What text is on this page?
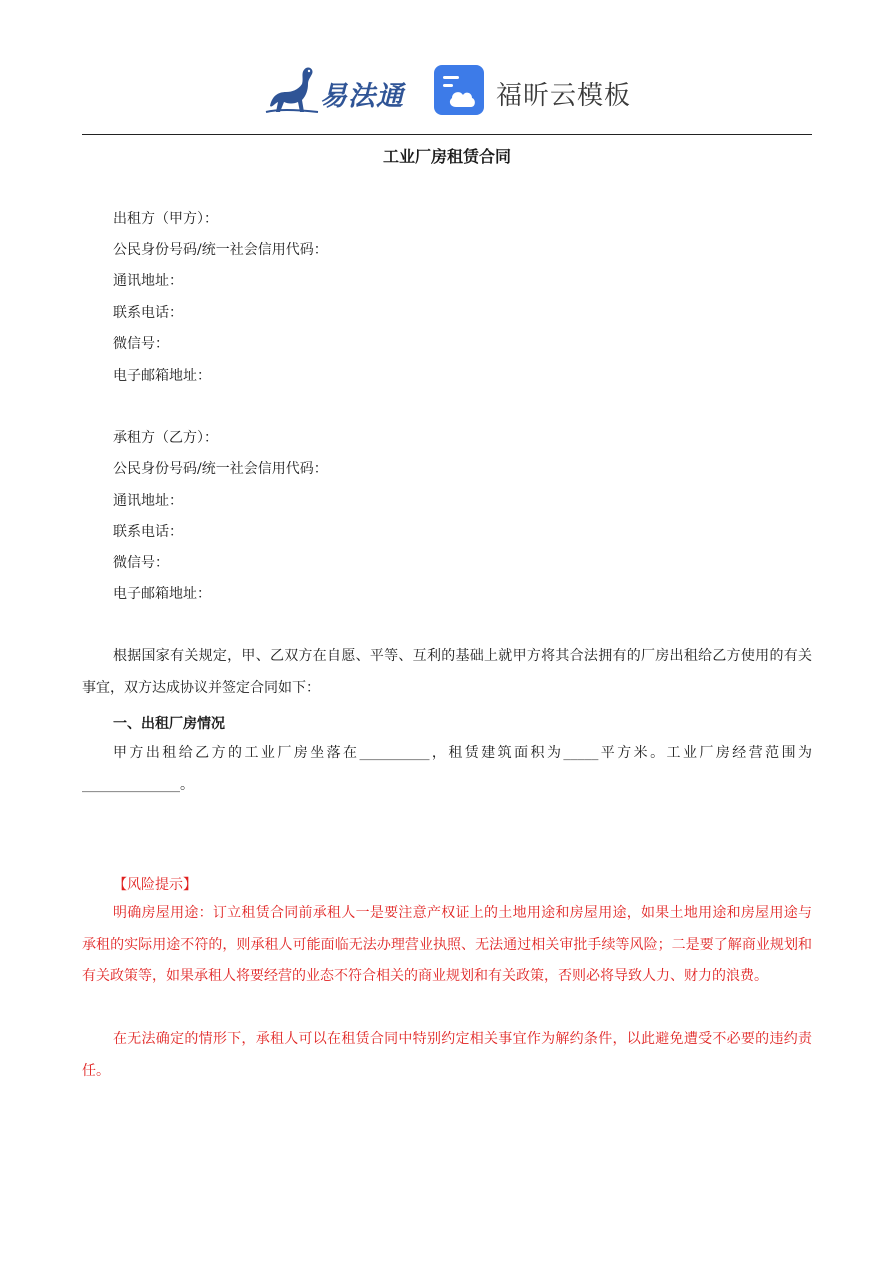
易法通	福昕云模板
工业厂房租赁合同
出租方（甲方）：
公民身份号码/统一社会信用代码：
通讯地址：
联系电话：
微信号：
电子邮箱地址：
承租方（乙方）：
公民身份号码/统一社会信用代码：
通讯地址：
联系电话：
微信号：
电子邮箱地址：

根据国家有关规定，甲、乙双方在自愿、平等、互利的基础上就甲方将其合法拥有的厂房出租给乙方使用的有关事宜，双方达成协议并签定合同如下：

一、出租厂房情况

甲方出租给乙方的工业厂房坐落在__________，租赁建筑面积为_____平方米。工业厂房经营范围为______________。

【风险提示】

明确房屋用途：订立租赁合同前承租人一是要注意产权证上的土地用途和房屋用途，如果土地用途和房屋用途与 承租的实际用途不符的，则承租人可能面临无法办理营业执照、无法通过相关审批手续等风险；二是要了解商业规划和有关政策等，如果承租人将要经营的业态不符合相关的商业规划和有关政策，否则必将导致人力、财力的浪费。

在无法确定的情形下，承租人可以在租赁合同中特别约定相关事宜作为解约条件，以此避免遭受不必要的违约责任。
